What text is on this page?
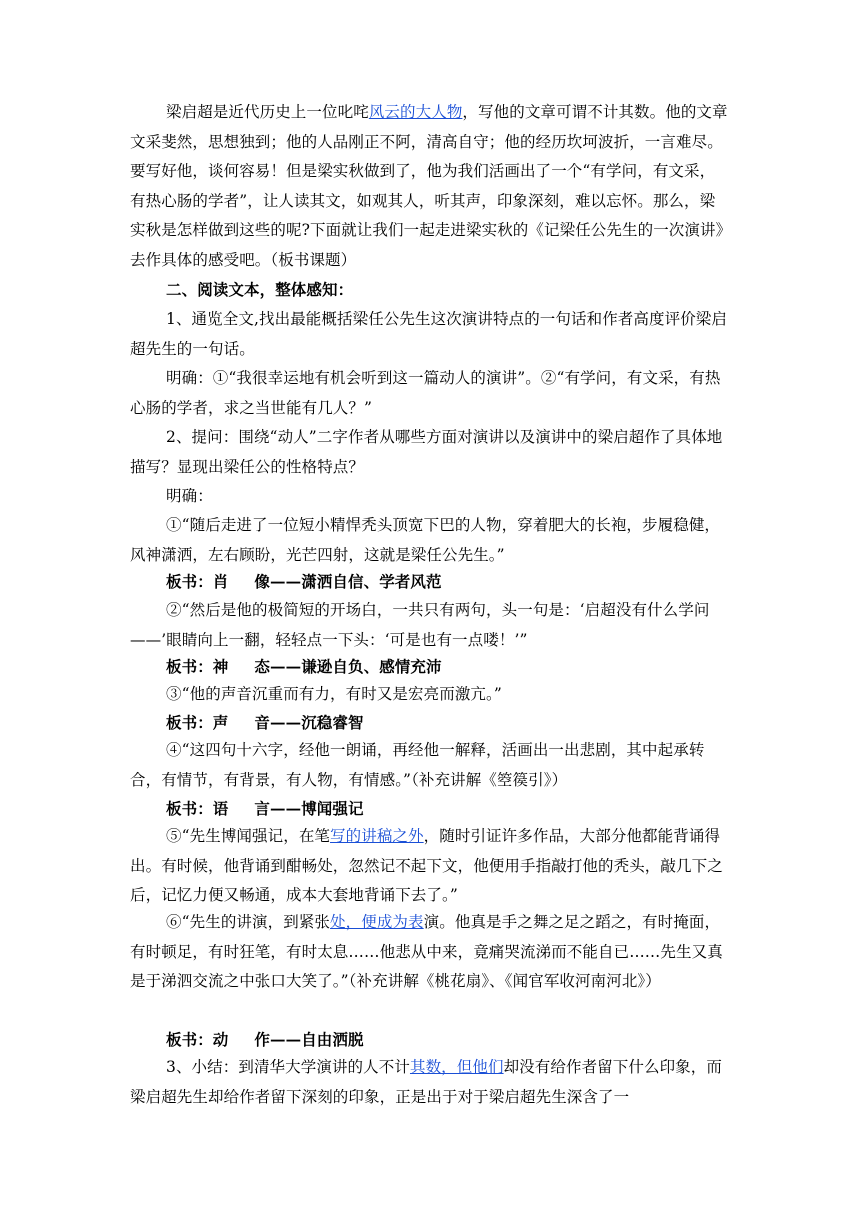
梁启超是近代历史上一位叱咤风云的大人物，写他的文章可谓不计其数。他的文章文采斐然，思想独到；他的人品刚正不阿，清高自守；他的经历坎坷波折，一言难尽。要写好他，谈何容易！但是梁实秋做到了，他为我们活画出了一个“有学问，有文采，有热心肠的学者”，让人读其文，如观其人，听其声，印象深刻，难以忘怀。那么，梁实秋是怎样做到这些的呢?下面就让我们一起走进梁实秋的《记梁任公先生的一次演讲》去作具体的感受吧。（板书课题）

二、阅读文本，整体感知：

1、通览全文,找出最能概括梁任公先生这次演讲特点的一句话和作者高度评价梁启超先生的一句话。

明确：①“我很幸运地有机会听到这一篇动人的演讲”。②“有学问，有文采，有热心肠的学者，求之当世能有几人？”

2、提问：围绕“动人”二字作者从哪些方面对演讲以及演讲中的梁启超作了具体地描写？显现出梁任公的性格特点？

明确：

①“随后走进了一位短小精悍秃头顶宽下巴的人物，穿着肥大的长袍，步履稳健，风神潇洒，左右顾盼，光芒四射，这就是梁任公先生。”

板书：肖 像——潇洒自信、学者风范

②“然后是他的极简短的开场白，一共只有两句，头一句是：‘启超没有什么学问——’眼睛向上一翻，轻轻点一下头：‘可是也有一点喽！’”

板书：神 态——谦逊自负、感情充沛

③“他的声音沉重而有力，有时又是宏亮而激亢。”

板书：声 音——沉稳睿智

④“这四句十六字，经他一朗诵，再经他一解释，活画出一出悲剧，其中起承转合，有情节，有背景，有人物，有情感。”（补充讲解《箜篌引》）

板书：语 言——博闻强记

⑤“先生博闻强记，在笔写的讲稿之外，随时引证许多作品，大部分他都能背诵得出。有时候，他背诵到酣畅处，忽然记不起下文，他便用手指敲打他的秃头，敲几下之后，记忆力便又畅通，成本大套地背诵下去了。”

⑥“先生的讲演，到紧张处，便成为表演。他真是手之舞之足之蹈之，有时掩面，有时顿足，有时狂笔，有时太息……他悲从中来，竟痛哭流涕而不能自已……先生又真是于涕泗交流之中张口大笑了。”（补充讲解《桃花扇》、《闻官军收河南河北》）

板书：动 作——自由洒脱

3、小结：到清华大学演讲的人不计其数，但他们却没有给作者留下什么印象，而梁启超先生却给作者留下深刻的印象，正是出于对于梁启超先生深含了一
